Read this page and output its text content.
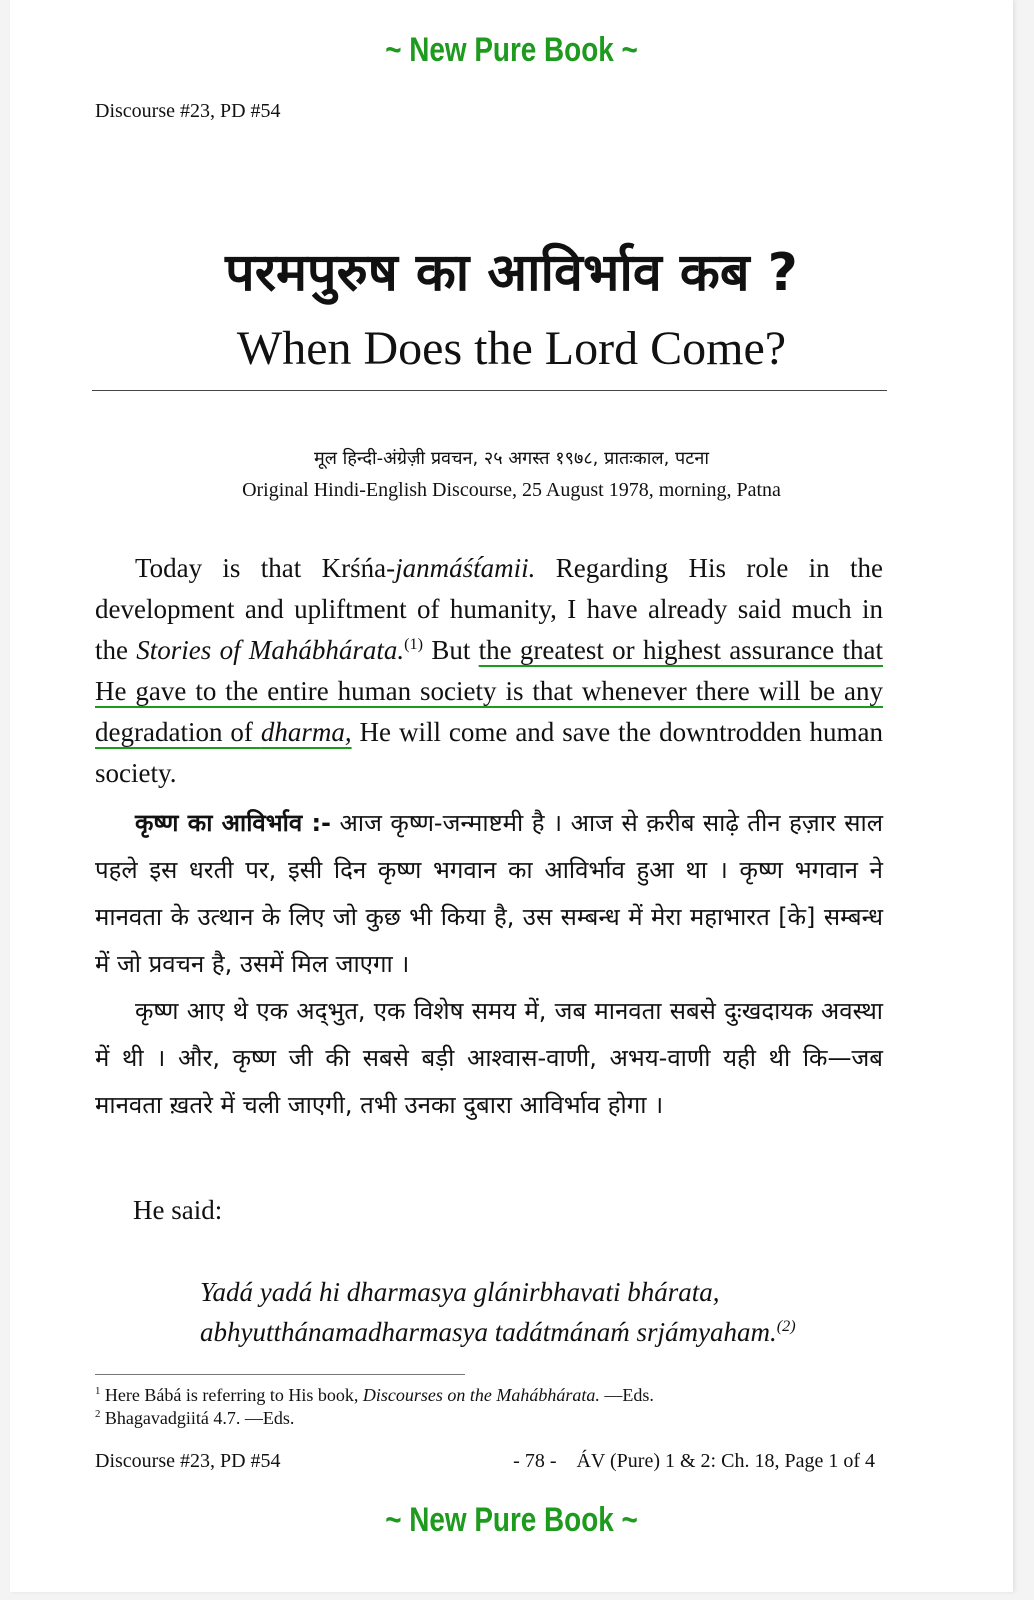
~ New Pure Book ~
Discourse #23, PD #54
परमपुरुष का आविर्भाव कब ?
When Does the Lord Come?
मूल हिन्दी-अंग्रेज़ी प्रवचन, २५ अगस्त १९७८, प्रातःकाल, पटना
Original Hindi-English Discourse, 25 August 1978, morning, Patna

Today is that Krśńa-janmáśt́amii. Regarding His role in the development and upliftment of humanity, I have already said much in the Stories of Mahábhárata.$^{(1)}$ But the greatest or highest assurance that He gave to the entire human society is that whenever there will be any degradation of dharma, He will come and save the downtrodden human society.

कृष्ण का आविर्भाव :- आज कृष्ण-जन्माष्टमी है । आज से क़रीब साढ़े तीन हज़ार साल पहले इस धरती पर, इसी दिन कृष्ण भगवान का आविर्भाव हुआ था । कृष्ण भगवान ने मानवता के उत्थान के लिए जो कुछ भी किया है, उस सम्बन्ध में मेरा महाभारत [के] सम्बन्ध में जो प्रवचन है, उसमें मिल जाएगा ।

कृष्ण आए थे एक अद्‌भुत, एक विशेष समय में, जब मानवता सबसे दुःखदायक अवस्था में थी । और, कृष्ण जी की सबसे बड़ी आश्वास-वाणी, अभय-वाणी यही थी कि—जब मानवता ख़तरे में चली जाएगी, तभी उनका दुबारा आविर्भाव होगा ।

He said:
Yadá yadá hi dharmasya glánirbhavati bhárata,
abhyutthánamadharmasya tadátmánaḿ srjámyaham.$^{(2)}$
$^1$ Here Bábá is referring to His book, Discourses on the Mahábhárata. —Eds.
$^2$ Bhagavadgiitá 4.7. —Eds.
Discourse #23, PD #54	- 78 -    ÁV (Pure) 1 & 2: Ch. 18, Page 1 of 4
~ New Pure Book ~
